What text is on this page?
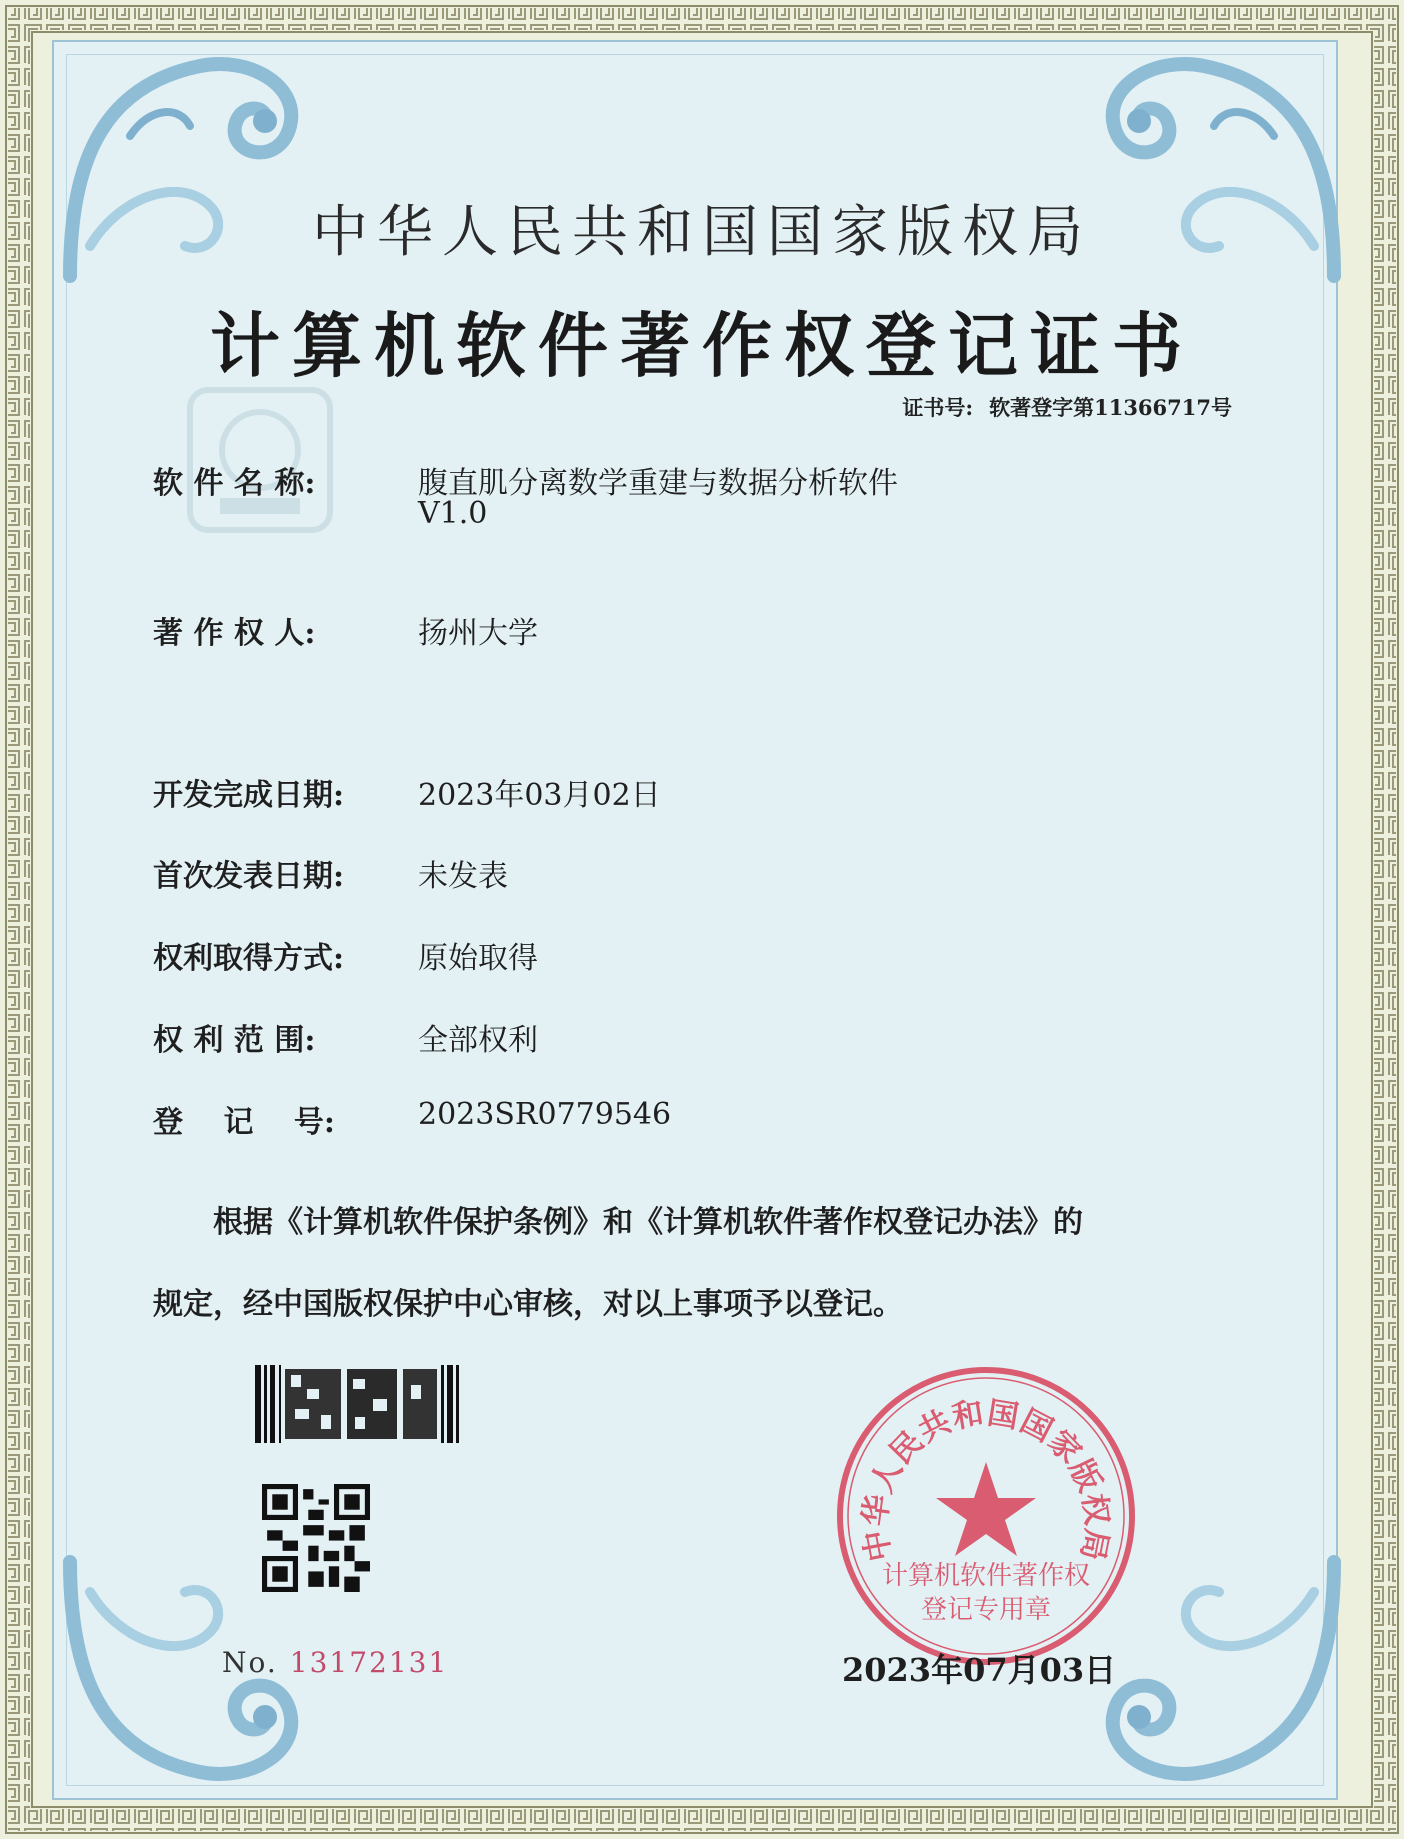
中华人民共和国国家版权局
计算机软件著作权登记证书
证书号: 软著登字第11366717号
软 件 名 称:	腹直肌分离数学重建与数据分析软件
V1.0
著 作 权 人:	扬州大学
开发完成日期:	2023年03月02日
首次发表日期:	未发表
权利取得方式:	原始取得
权 利 范 围:	全部权利
登　 记　 号:	2023SR0779546
根据《计算机软件保护条例》和《计算机软件著作权登记办法》的
规定，经中国版权保护中心审核，对以上事项予以登记。
No. 13172131
中华人民共和国国家版权局
计算机软件著作权
登记专用章
2023年07月03日
